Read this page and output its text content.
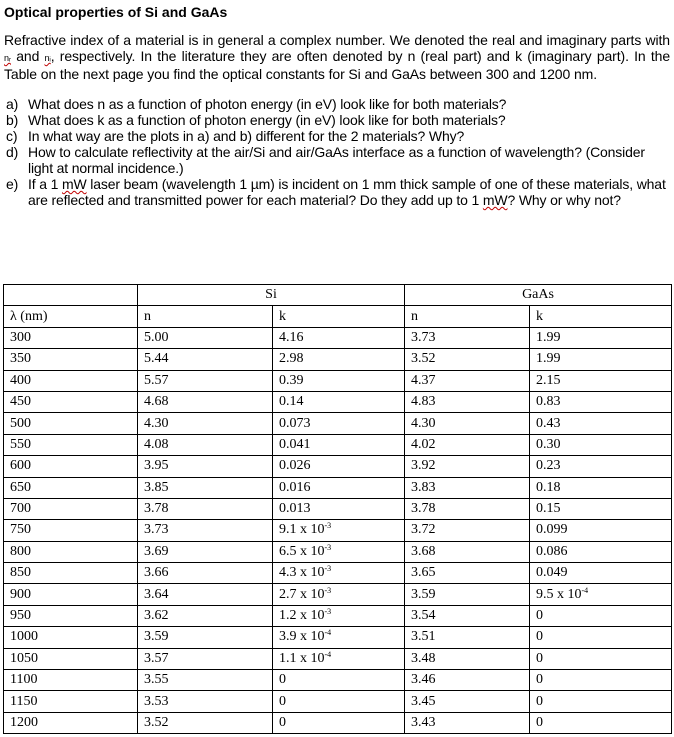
Optical properties of Si and GaAs
Refractive index of a material is in general a complex number. We denoted the real and imaginary parts with nᵣ and nᵢ, respectively. In the literature they are often denoted by n (real part) and k (imaginary part). In the Table on the next page you find the optical constants for Si and GaAs between 300 and 1200 nm.
a) What does n as a function of photon energy (in eV) look like for both materials?
b) What does k as a function of photon energy (in eV) look like for both materials?
c) In what way are the plots in a) and b) different for the 2 materials? Why?
d) How to calculate reflectivity at the air/Si and air/GaAs interface as a function of wavelength? (Consider light at normal incidence.)
e) If a 1 mW laser beam (wavelength 1 µm) is incident on 1 mm thick sample of one of these materials, what are reflected and transmitted power for each material? Do they add up to 1 mW? Why or why not?
	Si		GaAs	
λ (nm)	n	k	n	k
300	5.00	4.16	3.73	1.99
350	5.44	2.98	3.52	1.99
400	5.57	0.39	4.37	2.15
450	4.68	0.14	4.83	0.83
500	4.30	0.073	4.30	0.43
550	4.08	0.041	4.02	0.30
600	3.95	0.026	3.92	0.23
650	3.85	0.016	3.83	0.18
700	3.78	0.013	3.78	0.15
750	3.73	9.1 x $10^{-3}$	3.72	0.099
800	3.69	6.5 x $10^{-3}$	3.68	0.086
850	3.66	4.3 x $10^{-3}$	3.65	0.049
900	3.64	2.7 x $10^{-3}$	3.59	9.5 x $10^{-4}$
950	3.62	1.2 x $10^{-3}$	3.54	0
1000	3.59	3.9 x $10^{-4}$	3.51	0
1050	3.57	1.1 x $10^{-4}$	3.48	0
1100	3.55	0	3.46	0
1150	3.53	0	3.45	0
1200	3.52	0	3.43	0
